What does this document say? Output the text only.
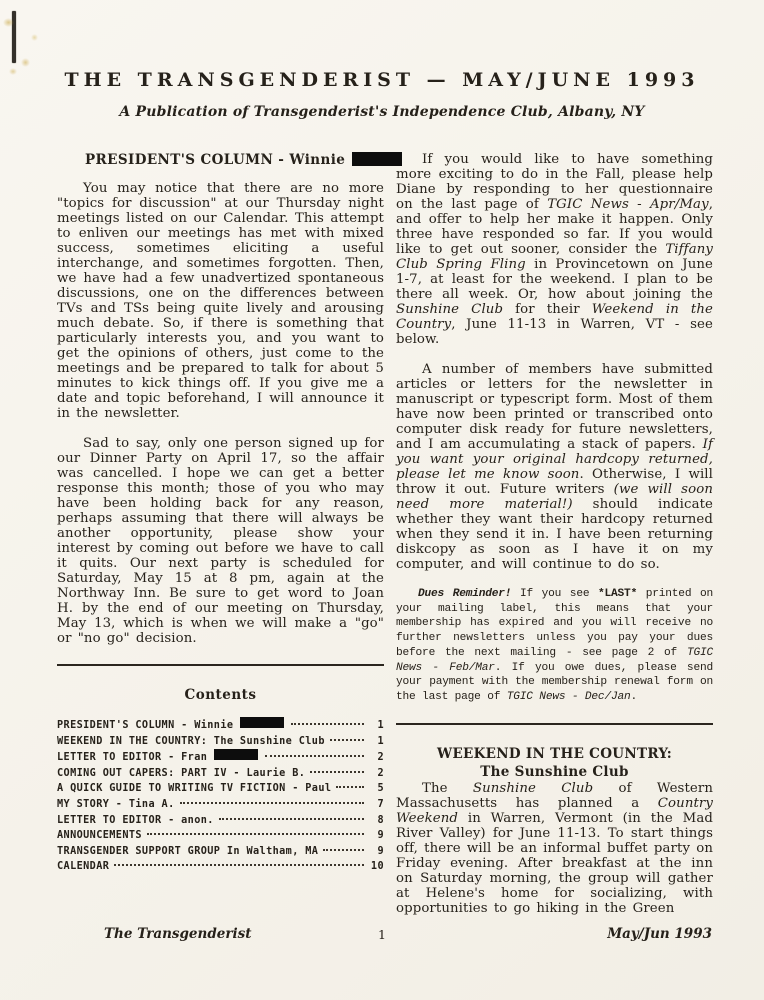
THE TRANSGENDERIST — MAY/JUNE 1993
A Publication of Transgenderist's Independence Club, Albany, NY
PRESIDENT'S COLUMN - Winnie

You may notice that there are no more "topics for discussion" at our Thursday night meetings listed on our Calendar. This attempt to enliven our meetings has met with mixed success, sometimes eliciting a useful interchange, and sometimes forgotten. Then, we have had a few unadvertized spontaneous discussions, one on the differences between TVs and TSs being quite lively and arousing much debate. So, if there is something that particularly interests you, and you want to get the opinions of others, just come to the meetings and be prepared to talk for about 5 minutes to kick things off. If you give me a date and topic beforehand, I will announce it in the newsletter.

Sad to say, only one person signed up for our Dinner Party on April 17, so the affair was cancelled. I hope we can get a better response this month; those of you who may have been holding back for any reason, perhaps assuming that there will always be another opportunity, please show your interest by coming out before we have to call it quits. Our next party is scheduled for Saturday, May 15 at 8 pm, again at the Northway Inn. Be sure to get word to Joan H. by the end of our meeting on Thursday, May 13, which is when we will make a "go" or "no go" decision.

Contents
PRESIDENT'S COLUMN - Winnie	1
WEEKEND IN THE COUNTRY: The Sunshine Club	1
LETTER TO EDITOR - Fran	2
COMING OUT CAPERS: PART IV - Laurie B.	2
A QUICK GUIDE TO WRITING TV FICTION - Paul	5
MY STORY - Tina A.	7
LETTER TO EDITOR - anon.	8
ANNOUNCEMENTS	9
TRANSGENDER SUPPORT GROUP In Waltham, MA	9
CALENDAR	10

If you would like to have something more exciting to do in the Fall, please help Diane by responding to her questionnaire on the last page of TGIC News - Apr/May, and offer to help her make it happen. Only three have responded so far. If you would like to get out sooner, consider the Tiffany Club Spring Fling in Provincetown on June 1-7, at least for the weekend. I plan to be there all week. Or, how about joining the Sunshine Club for their Weekend in the Country, June 11-13 in Warren, VT - see below.

A number of members have submitted articles or letters for the newsletter in manuscript or typescript form. Most of them have now been printed or transcribed onto computer disk ready for future newsletters, and I am accumulating a stack of papers. If you want your original hardcopy returned, please let me know soon. Otherwise, I will throw it out. Future writers (we will soon need more material!) should indicate whether they want their hardcopy returned when they send it in. I have been returning diskcopy as soon as I have it on my computer, and will continue to do so.

Dues Reminder! If you see *LAST* printed on your mailing label, this means that your membership has expired and you will receive no further newsletters unless you pay your dues before the next mailing - see page 2 of TGIC News - Feb/Mar. If you owe dues, please send your payment with the membership renewal form on the last page of TGIC News - Dec/Jan.

WEEKEND IN THE COUNTRY:
The Sunshine Club

The Sunshine Club of Western Massachusetts has planned a Country Weekend in Warren, Vermont (in the Mad River Valley) for June 11-13. To start things off, there will be an informal buffet party on Friday evening. After breakfast at the inn on Saturday morning, the group will gather at Helene's home for socializing, with opportunities to go hiking in the Green

The Transgenderist	1	May/Jun 1993
